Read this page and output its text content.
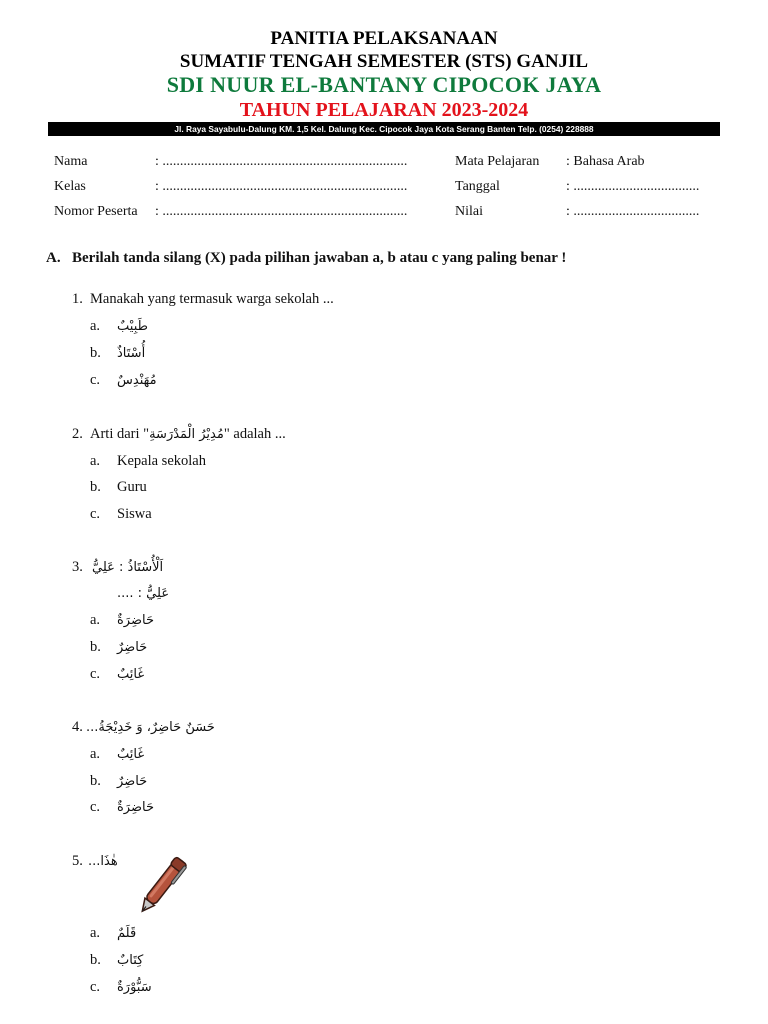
PANITIA PELAKSANAAN
SUMATIF TENGAH SEMESTER (STS) GANJIL
SDI NUUR EL-BANTANY CIPOCOK JAYA
TAHUN PELAJARAN 2023-2024
Jl. Raya Sayabulu-Dalung KM. 1,5 Kel. Dalung Kec. Cipocok Jaya Kota Serang Banten Telp. (0254) 228888
Nama	: ......................................................................
Kelas	: ......................................................................
Nomor Peserta : ......................................................................
Mata Pelajaran : Bahasa Arab
Tanggal	: ....................................
Nilai	: ....................................
A. Berilah tanda silang (X) pada pilihan jawaban a, b atau c yang paling benar !
1. Manakah yang termasuk warga sekolah ...
a. طَبِيْبٌ
b. أُسْتَاذٌ
c. مُهَنْدِسٌ
2. Arti dari "مُدِيْرُ الْمَدْرَسَةِ" adalah ...
a. Kepala sekolah
b. Guru
c. Siswa
3. اَلْأُسْتَاذُ : عَلِيُّ
عَلِيُّ : ....
a. حَاضِرَةٌ
b. حَاضِرٌ
c. غَائِبٌ
4. حَسَنٌ حَاضِرٌ، وَ خَدِيْجَةُ...
a. غَائِبٌ
b. حَاضِرٌ
c. حَاضِرَةٌ
5. هٰذَا...
a. قَلَمٌ
b. كِتَابٌ
c. سَبُّوْرَةٌ
